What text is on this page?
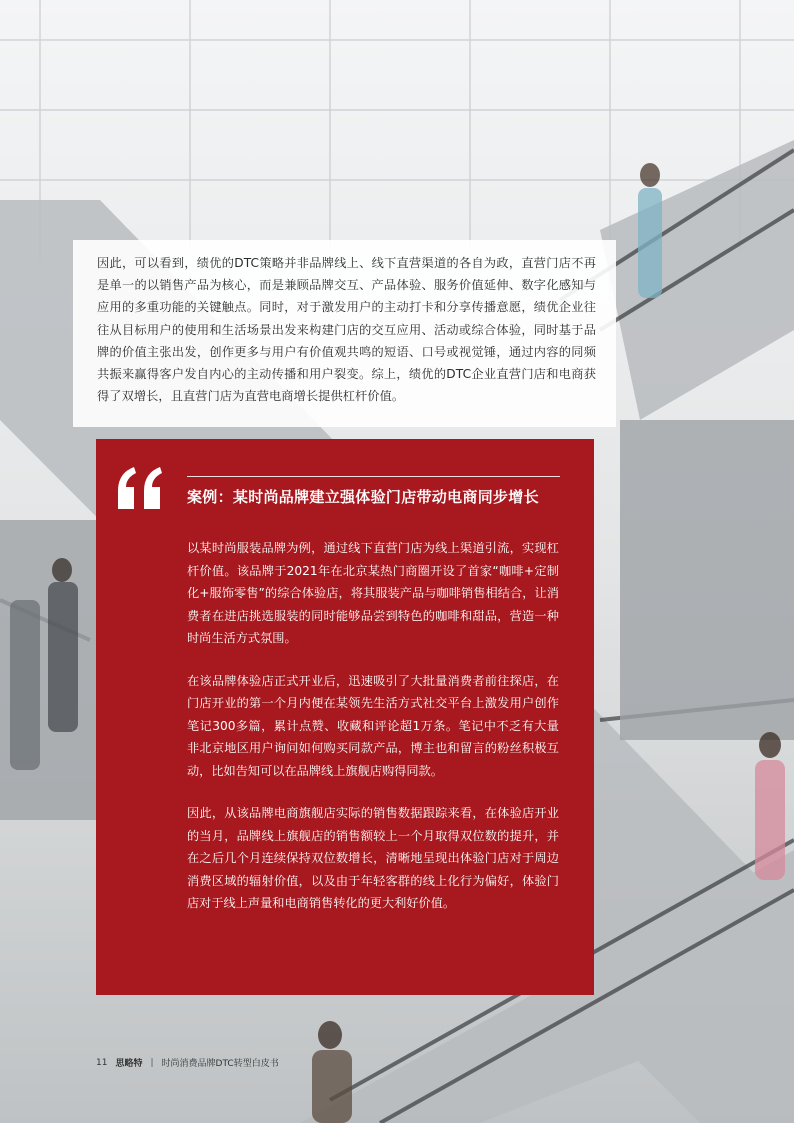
因此，可以看到，绩优的DTC策略并非品牌线上、线下直营渠道的各自为政，直营门店不再是单一的以销售产品为核心，而是兼顾品牌交互、产品体验、服务价值延伸、数字化感知与应用的多重功能的关键触点。同时，对于激发用户的主动打卡和分享传播意愿，绩优企业往往从目标用户的使用和生活场景出发来构建门店的交互应用、活动或综合体验，同时基于品牌的价值主张出发，创作更多与用户有价值观共鸣的短语、口号或视觉锤，通过内容的同频共振来赢得客户发自内心的主动传播和用户裂变。综上，绩优的DTC企业直营门店和电商获得了双增长，且直营门店为直营电商增长提供杠杆价值。

案例：某时尚品牌建立强体验门店带动电商同步增长

以某时尚服装品牌为例，通过线下直营门店为线上渠道引流，实现杠杆价值。该品牌于2021年在北京某热门商圈开设了首家“咖啡+定制化+服饰零售”的综合体验店，将其服装产品与咖啡销售相结合，让消费者在进店挑选服装的同时能够品尝到特色的咖啡和甜品，营造一种时尚生活方式氛围。

在该品牌体验店正式开业后，迅速吸引了大批量消费者前往探店，在门店开业的第一个月内便在某领先生活方式社交平台上激发用户创作笔记300多篇，累计点赞、收藏和评论超1万条。笔记中不乏有大量非北京地区用户询问如何购买同款产品，博主也和留言的粉丝积极互动，比如告知可以在品牌线上旗舰店购得同款。

因此，从该品牌电商旗舰店实际的销售数据跟踪来看，在体验店开业的当月，品牌线上旗舰店的销售额较上一个月取得双位数的提升，并在之后几个月连续保持双位数增长，清晰地呈现出体验门店对于周边消费区域的辐射价值，以及由于年轻客群的线上化行为偏好，体验门店对于线上声量和电商销售转化的更大利好价值。

11 思略特 | 时尚消费品牌DTC转型白皮书
